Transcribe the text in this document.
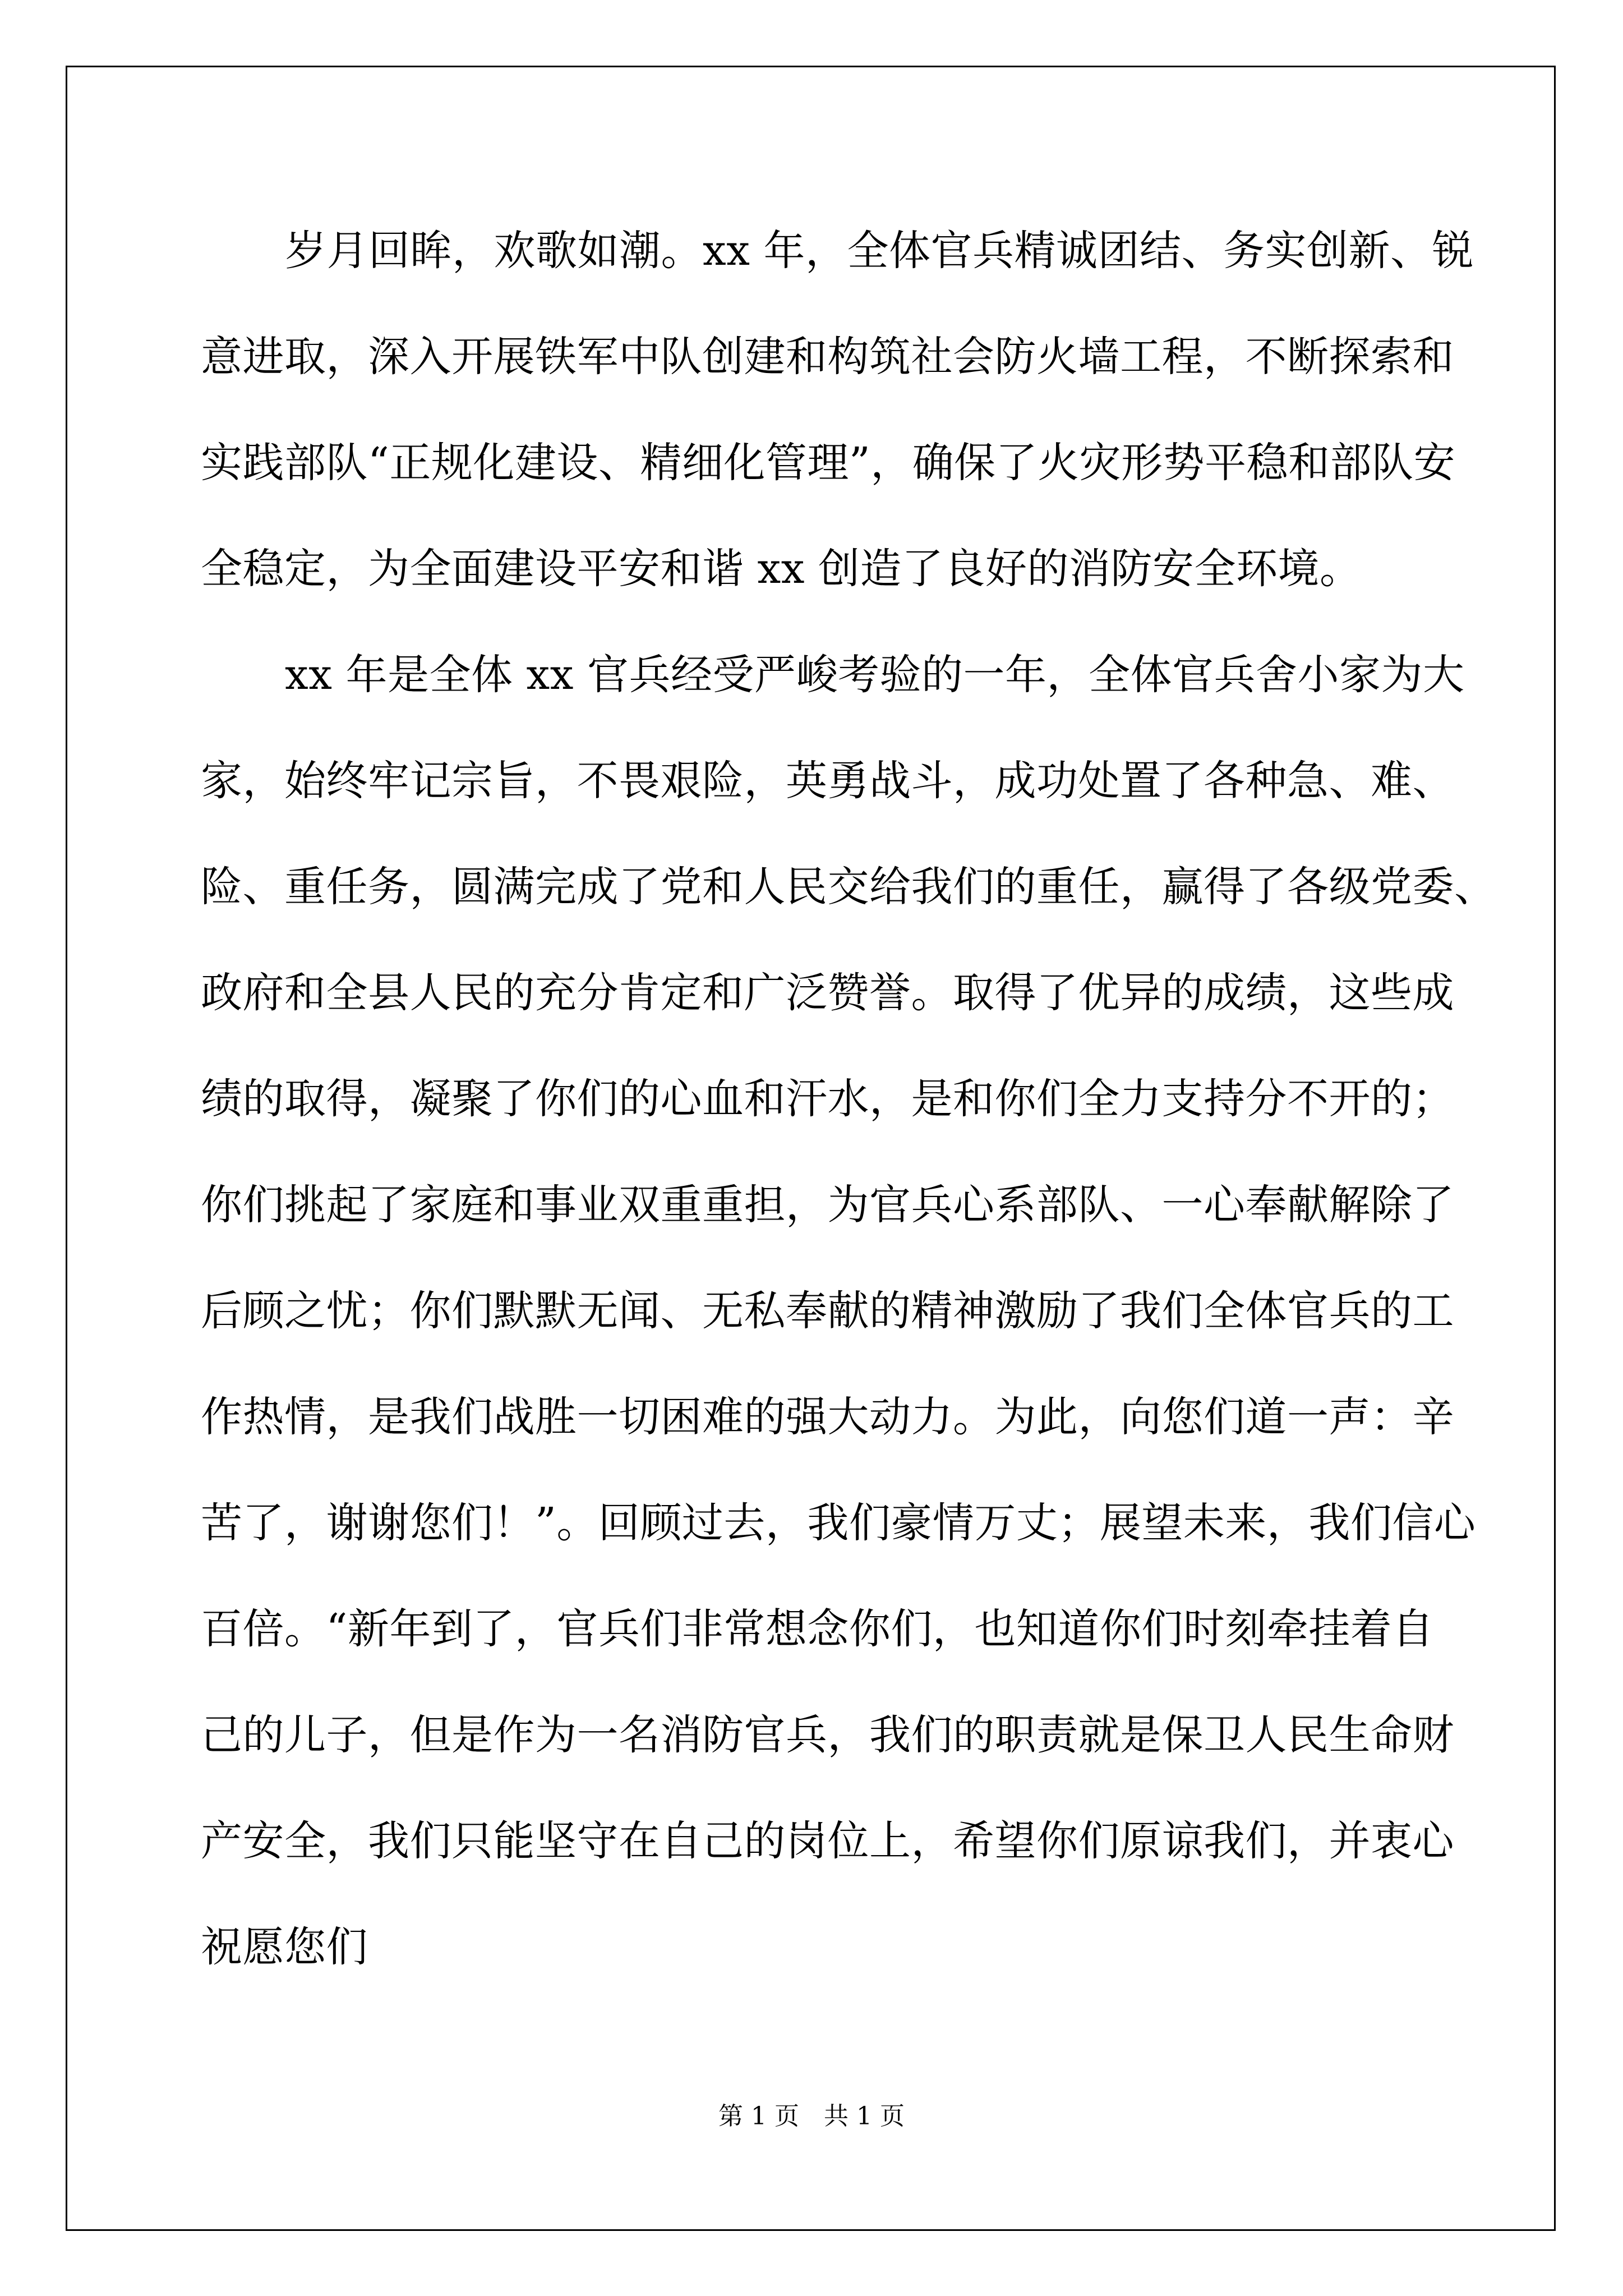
岁月回眸，欢歌如潮。xx 年，全体官兵精诚团结、务实创新、锐

意进取，深入开展铁军中队创建和构筑社会防火墙工程，不断探索和

实践部队“正规化建设、精细化管理”，确保了火灾形势平稳和部队安

全稳定，为全面建设平安和谐 xx 创造了良好的消防安全环境。

xx 年是全体 xx 官兵经受严峻考验的一年，全体官兵舍小家为大

家，始终牢记宗旨，不畏艰险，英勇战斗，成功处置了各种急、难、

险、重任务，圆满完成了党和人民交给我们的重任，赢得了各级党委、

政府和全县人民的充分肯定和广泛赞誉。取得了优异的成绩，这些成

绩的取得，凝聚了你们的心血和汗水，是和你们全力支持分不开的；

你们挑起了家庭和事业双重重担，为官兵心系部队、一心奉献解除了

后顾之忧；你们默默无闻、无私奉献的精神激励了我们全体官兵的工

作热情，是我们战胜一切困难的强大动力。为此，向您们道一声：辛

苦了，谢谢您们！”。回顾过去，我们豪情万丈；展望未来，我们信心

百倍。“新年到了，官兵们非常想念你们，也知道你们时刻牵挂着自

己的儿子，但是作为一名消防官兵，我们的职责就是保卫人民生命财

产安全，我们只能坚守在自己的岗位上，希望你们原谅我们，并衷心

祝愿您们

第 1 页　共 1 页
